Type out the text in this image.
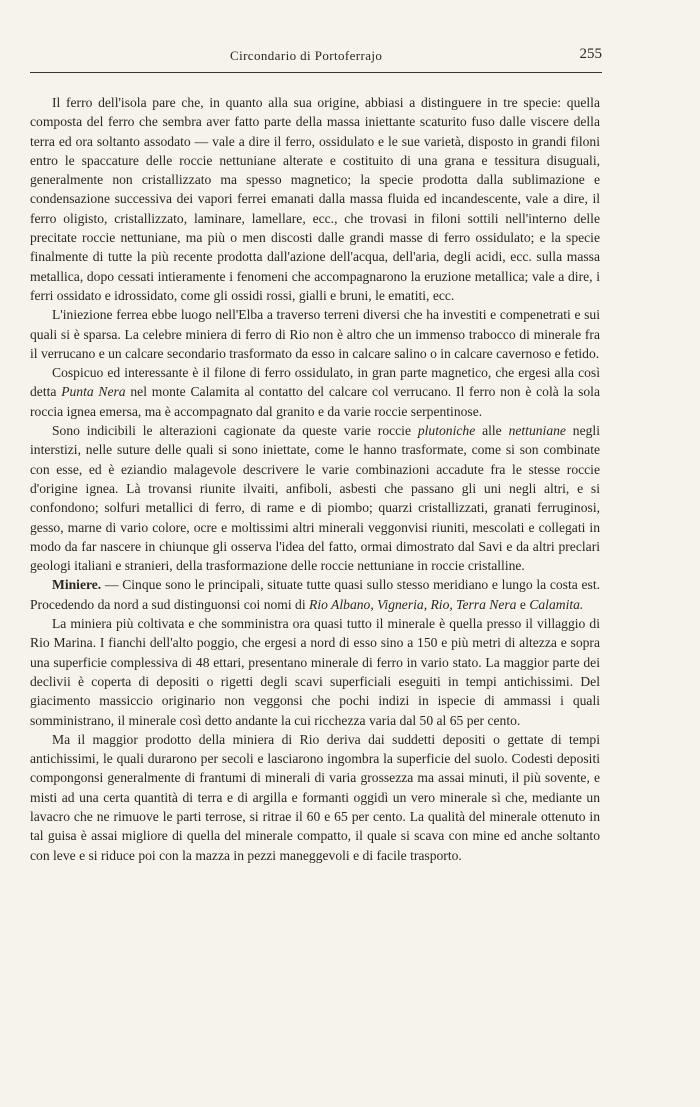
Circondario di Portoferrajo	255

Il ferro dell'isola pare che, in quanto alla sua origine, abbiasi a distinguere in tre specie: quella composta del ferro che sembra aver fatto parte della massa iniettante scaturito fuso dalle viscere della terra ed ora soltanto assodato — vale a dire il ferro, ossidulato e le sue varietà, disposto in grandi filoni entro le spaccature delle roccie nettuniane alterate e costituito di una grana e tessitura disuguali, generalmente non cristallizzato ma spesso magnetico; la specie prodotta dalla sublimazione e condensazione successiva dei vapori ferrei emanati dalla massa fluida ed incandescente, vale a dire, il ferro oligisto, cristallizzato, laminare, lamellare, ecc., che trovasi in filoni sottili nell'interno delle precitate roccie nettuniane, ma più o men discosti dalle grandi masse di ferro ossidulato; e la specie finalmente di tutte la più recente prodotta dall'azione dell'acqua, dell'aria, degli acidi, ecc. sulla massa metallica, dopo cessati intieramente i fenomeni che accompagnarono la eruzione metallica; vale a dire, i ferri ossidato e idrossidato, come gli ossidi rossi, gialli e bruni, le ematiti, ecc.

L'iniezione ferrea ebbe luogo nell'Elba a traverso terreni diversi che ha investiti e compenetrati e sui quali si è sparsa. La celebre miniera di ferro di Rio non è altro che un immenso trabocco di minerale fra il verrucano e un calcare secondario trasformato da esso in calcare salino o in calcare cavernoso e fetido.

Cospicuo ed interessante è il filone di ferro ossidulato, in gran parte magnetico, che ergesi alla così detta Punta Nera nel monte Calamita al contatto del calcare col verrucano. Il ferro non è colà la sola roccia ignea emersa, ma è accompagnato dal granito e da varie roccie serpentinose.

Sono indicibili le alterazioni cagionate da queste varie roccie plutoniche alle nettuniane negli interstizi, nelle suture delle quali si sono iniettate, come le hanno trasformate, come si son combinate con esse, ed è eziandio malagevole descrivere le varie combinazioni accadute fra le stesse roccie d'origine ignea. Là trovansi riunite ilvaiti, anfiboli, asbesti che passano gli uni negli altri, e si confondono; solfuri metallici di ferro, di rame e di piombo; quarzi cristallizzati, granati ferruginosi, gesso, marne di vario colore, ocre e moltissimi altri minerali veggonvisi riuniti, mescolati e collegati in modo da far nascere in chiunque gli osserva l'idea del fatto, ormai dimostrato dal Savi e da altri preclari geologi italiani e stranieri, della trasformazione delle roccie nettuniane in roccie cristalline.

Miniere. — Cinque sono le principali, situate tutte quasi sullo stesso meridiano e lungo la costa est. Procedendo da nord a sud distinguonsi coi nomi di Rio Albano, Vigneria, Rio, Terra Nera e Calamita.

La miniera più coltivata e che somministra ora quasi tutto il minerale è quella presso il villaggio di Rio Marina. I fianchi dell'alto poggio, che ergesi a nord di esso sino a 150 e più metri di altezza e sopra una superficie complessiva di 48 ettari, presentano minerale di ferro in vario stato. La maggior parte dei declivii è coperta di depositi o rigetti degli scavi superficiali eseguiti in tempi antichissimi. Del giacimento massiccio originario non veggonsi che pochi indizi in ispecie di ammassi i quali somministrano, il minerale così detto andante la cui ricchezza varia dal 50 al 65 per cento.

Ma il maggior prodotto della miniera di Rio deriva dai suddetti depositi o gettate di tempi antichissimi, le quali durarono per secoli e lasciarono ingombra la superficie del suolo. Codesti depositi compongonsi generalmente di frantumi di minerali di varia grossezza ma assai minuti, il più sovente, e misti ad una certa quantità di terra e di argilla e formanti oggidì un vero minerale sì che, mediante un lavacro che ne rimuove le parti terrose, si ritrae il 60 e 65 per cento. La qualità del minerale ottenuto in tal guisa è assai migliore di quella del minerale compatto, il quale si scava con mine ed anche soltanto con leve e si riduce poi con la mazza in pezzi maneggevoli e di facile trasporto.
